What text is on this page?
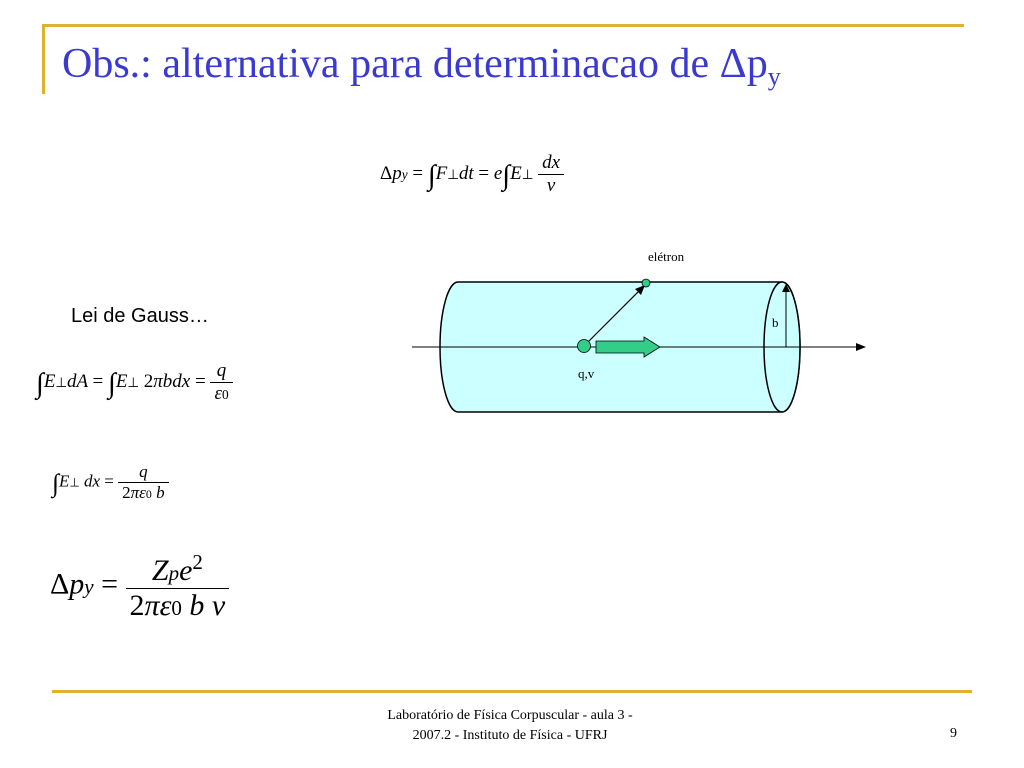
Obs.: alternativa para determinacao de $\Delta p_y$
Δpy = ∫F⊥dt = e∫E⊥ $\frac{dx}{v}$
Lei de Gauss…
∫E⊥dA = ∫E⊥ $2\pi bdx = \frac{q}{\varepsilon 0}$
∫E⊥ dx = $\frac{q}{2\pi\varepsilon 0 b}$
$\Delta py = \frac{Zpe^2}{\text{2πε0 b v}}$
elétron
q,v
b
Laboratório de Física Corpuscular - aula 3 -
2007.2 - Instituto de Física - UFRJ	9
